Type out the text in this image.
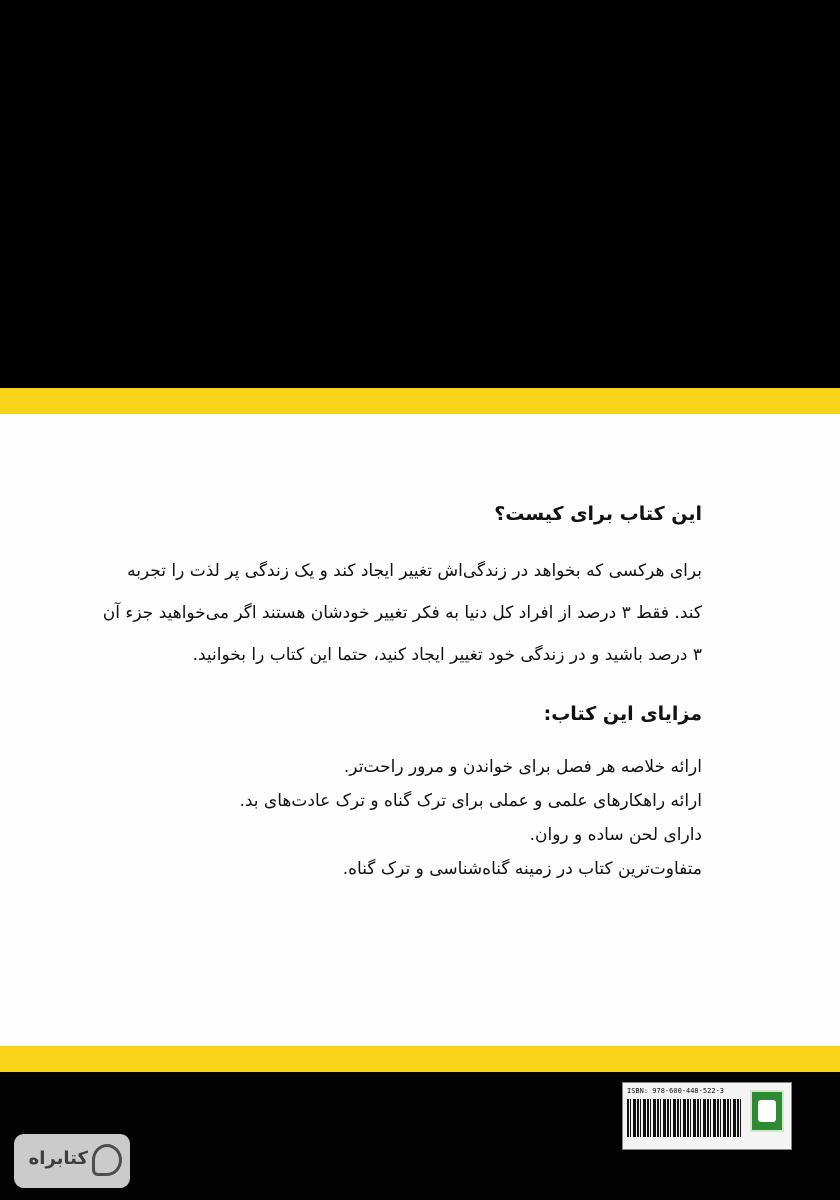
این کتاب برای کیست؟

برای هرکسی که بخواهد در زندگی‌اش تغییر ایجاد کند و یک زندگی پر لذت را تجربه کند. فقط ۳ درصد از افراد کل دنیا به فکر تغییر خودشان هستند اگر می‌خواهید جزء آن ۳ درصد باشید و در زندگی خود تغییر ایجاد کنید، حتما این کتاب را بخوانید.

مزایای این کتاب:
ارائه خلاصه هر فصل برای خواندن و مرور راحت‌تر.
ارائه راهکارهای علمی و عملی برای ترک گناه و ترک عادت‌های بد.
دارای لحن ساده و روان.
متفاوت‌ترین کتاب در زمینه گناه‌شناسی و ترک گناه.
ISBN: 978-600-448-522-3
کتابراه
